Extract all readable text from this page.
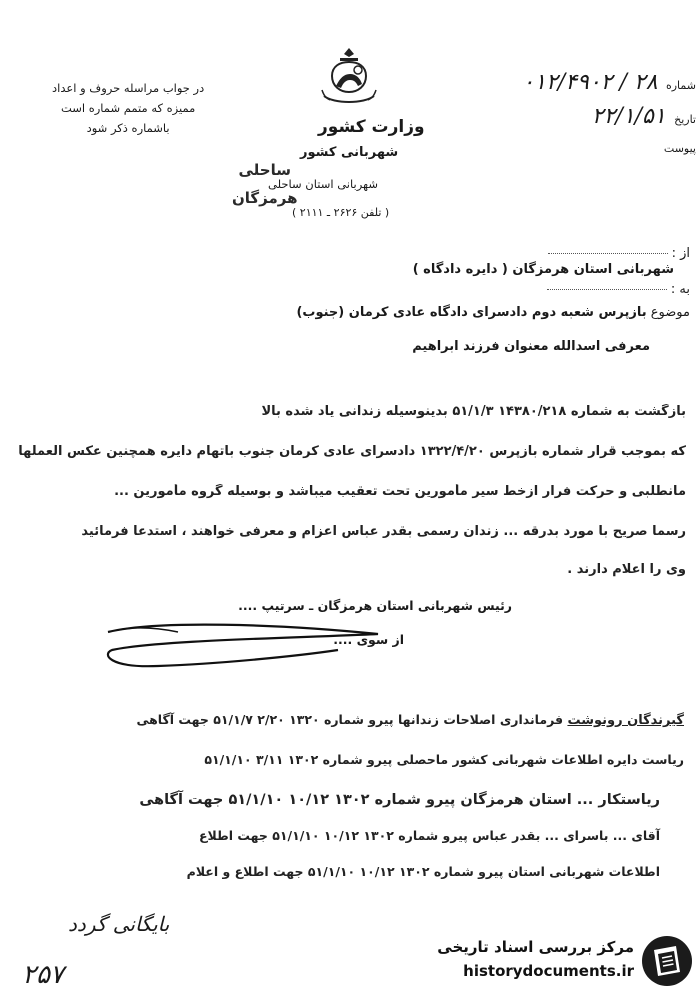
در جواب مراسله حروف و اعداد
ممیزه که متمم شماره است
باشماره ذکر شود	وزارت کشور
شهربانی کشور
ساحلی
هرمزگان
شهربانی استان ساحلی
( تلفن ۲۶۲۶ ـ ۲۱۱۱ )
شماره ۲۸ / ۰۱۲/۴۹۰۲
تاریخ ۲۲/۱/۵۱
پیوست
از :
شهربانی استان هرمزگان ( دایره دادگاه )
به :
موضوع بازپرس شعبه دوم دادسرای دادگاه عادی کرمان (جنوب)
معرفی اسدالله معنوان فرزند ابراهیم
بازگشت به شماره ۱۴۳۸۰/۲۱۸ ۵۱/۱/۳ بدینوسیله زندانی یاد شده بالا
که بموجب قرار شماره بازپرس ۱۳۲۲/۴/۲۰ دادسرای عادی کرمان جنوب باتهام دایره همچنین عکس العملها
مانطلبی و حرکت فرار ازخط سیر مأمورین تحت تعقیب میباشد و بوسیله گروه مأمورین ...
رسما صریح با مورد بدرقه ... زندان رسمی بقدر عباس اعزام و معرفی خواهند ، استدعا فرمائید
وی را اعلام دارند .
رئیس شهربانی استان هرمزگان ـ سرتیپ ....
از سوی ....
گیرندگان رونوشت فرمانداری اصلاحات زندانها پیرو شماره ۱۳۲۰ ۲/۲۰ ۵۱/۱/۷ جهت آگاهی
ریاست دایره اطلاعات شهربانی کشور ماحصلی پیرو شماره ۱۳۰۲ ۳/۱۱ ۵۱/۱/۱۰
ریاستکار ... استان هرمزگان پیرو شماره ۱۳۰۲ ۱۰/۱۲ ۵۱/۱/۱۰ جهت آگاهی
آقای ... باسرای ... بقدر عباس پیرو شماره ۱۳۰۲ ۱۰/۱۲ ۵۱/۱/۱۰ جهت اطلاع
اطلاعات شهربانی استان پیرو شماره ۱۳۰۲ ۱۰/۱۲ ۵۱/۱/۱۰ جهت اطلاع و اعلام
بایگانی گردد
۲۵۷
مرکز بررسی اسناد تاریخی
historydocuments.ir
